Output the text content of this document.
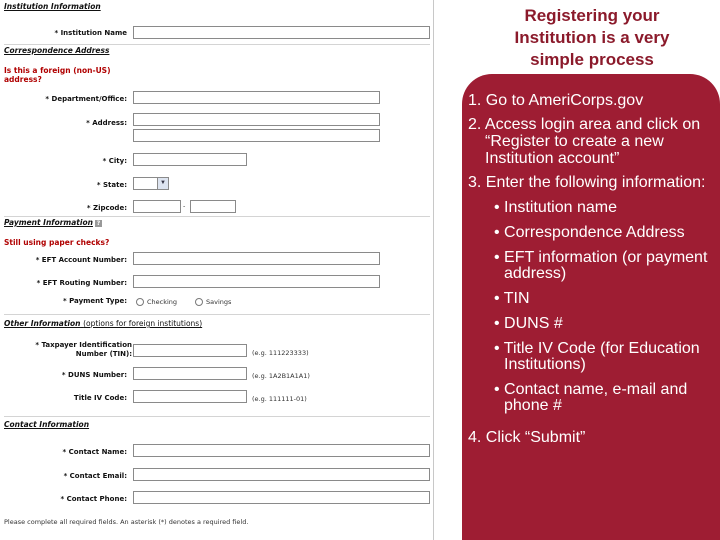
Institution Information
* Institution Name
Correspondence Address
Is this a foreign (non-US)
address?
* Department/Office:
* Address:
* City:
* State:	▼
* Zipcode:	-
Payment Information ?
Still using paper checks?
* EFT Account Number:
* EFT Routing Number:
* Payment Type:	Checking	Savings
Other Information (options for foreign institutions)
* Taxpayer Identification
Number (TIN):	(e.g. 111223333)
* DUNS Number:	(e.g. 1A2B1A1A1)
Title IV Code:	(e.g. 111111-01)
Contact Information
* Contact Name:
* Contact Email:
* Contact Phone:
Please complete all required fields. An asterisk (*) denotes a required field.
Registering your
Institution is a very
simple process
1. Go to AmeriCorps.gov
2. Access login area and click on “Register to create a new Institution account”
3. Enter the following information:
• Institution name
• Correspondence Address
• EFT information (or payment address)
• TIN
• DUNS #
• Title IV Code (for Education Institutions)
• Contact name, e-mail and phone #
4. Click “Submit”
